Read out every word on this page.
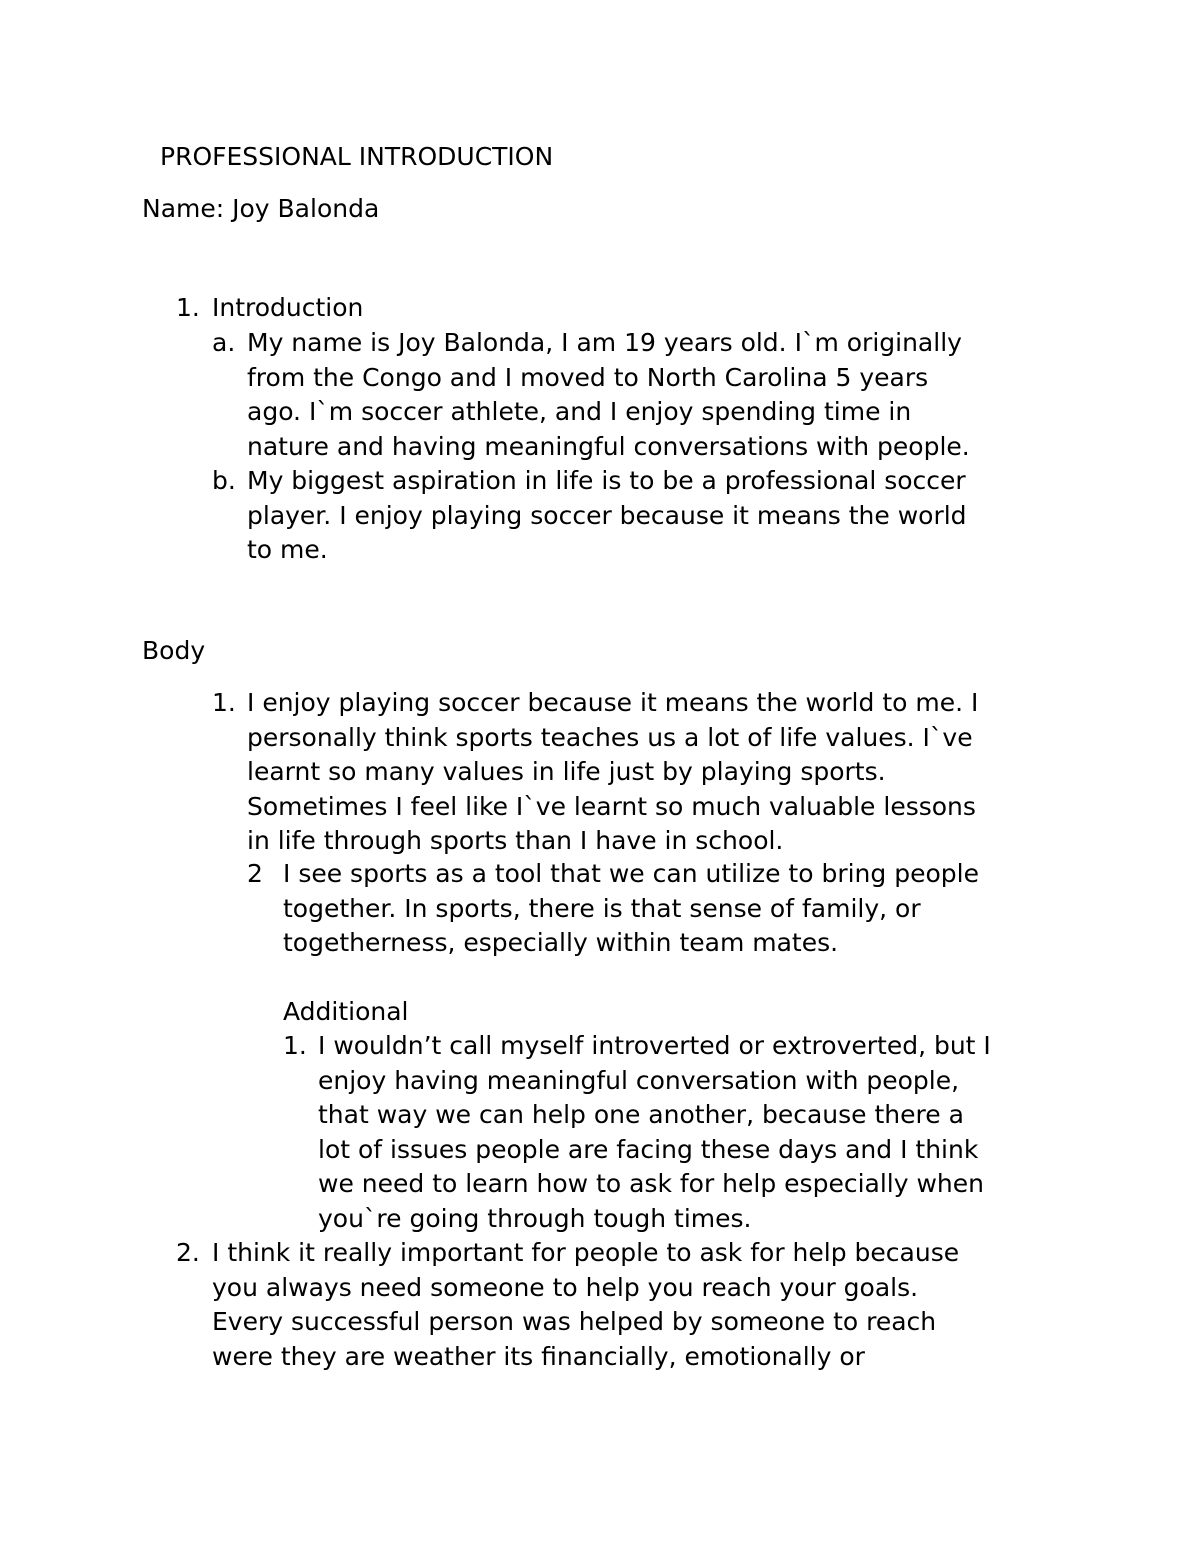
PROFESSIONAL INTRODUCTION

Name: Joy Balonda

1. Introduction
a. My name is Joy Balonda, I am 19 years old. I`m originally
from the Congo and I moved to North Carolina 5 years
ago. I`m soccer athlete, and I enjoy spending time in
nature and having meaningful conversations with people.
b. My biggest aspiration in life is to be a professional soccer
player. I enjoy playing soccer because it means the world
to me.

Body

1. I enjoy playing soccer because it means the world to me. I
personally think sports teaches us a lot of life values. I`ve
learnt so many values in life just by playing sports.
Sometimes I feel like I`ve learnt so much valuable lessons
in life through sports than I have in school.
2 I see sports as a tool that we can utilize to bring people
together. In sports, there is that sense of family, or
togetherness, especially within team mates.

Additional

1. I wouldn’t call myself introverted or extroverted, but I
enjoy having meaningful conversation with people,
that way we can help one another, because there a
lot of issues people are facing these days and I think
we need to learn how to ask for help especially when
you`re going through tough times.
2. I think it really important for people to ask for help because
you always need someone to help you reach your goals.
Every successful person was helped by someone to reach
were they are weather its financially, emotionally or
